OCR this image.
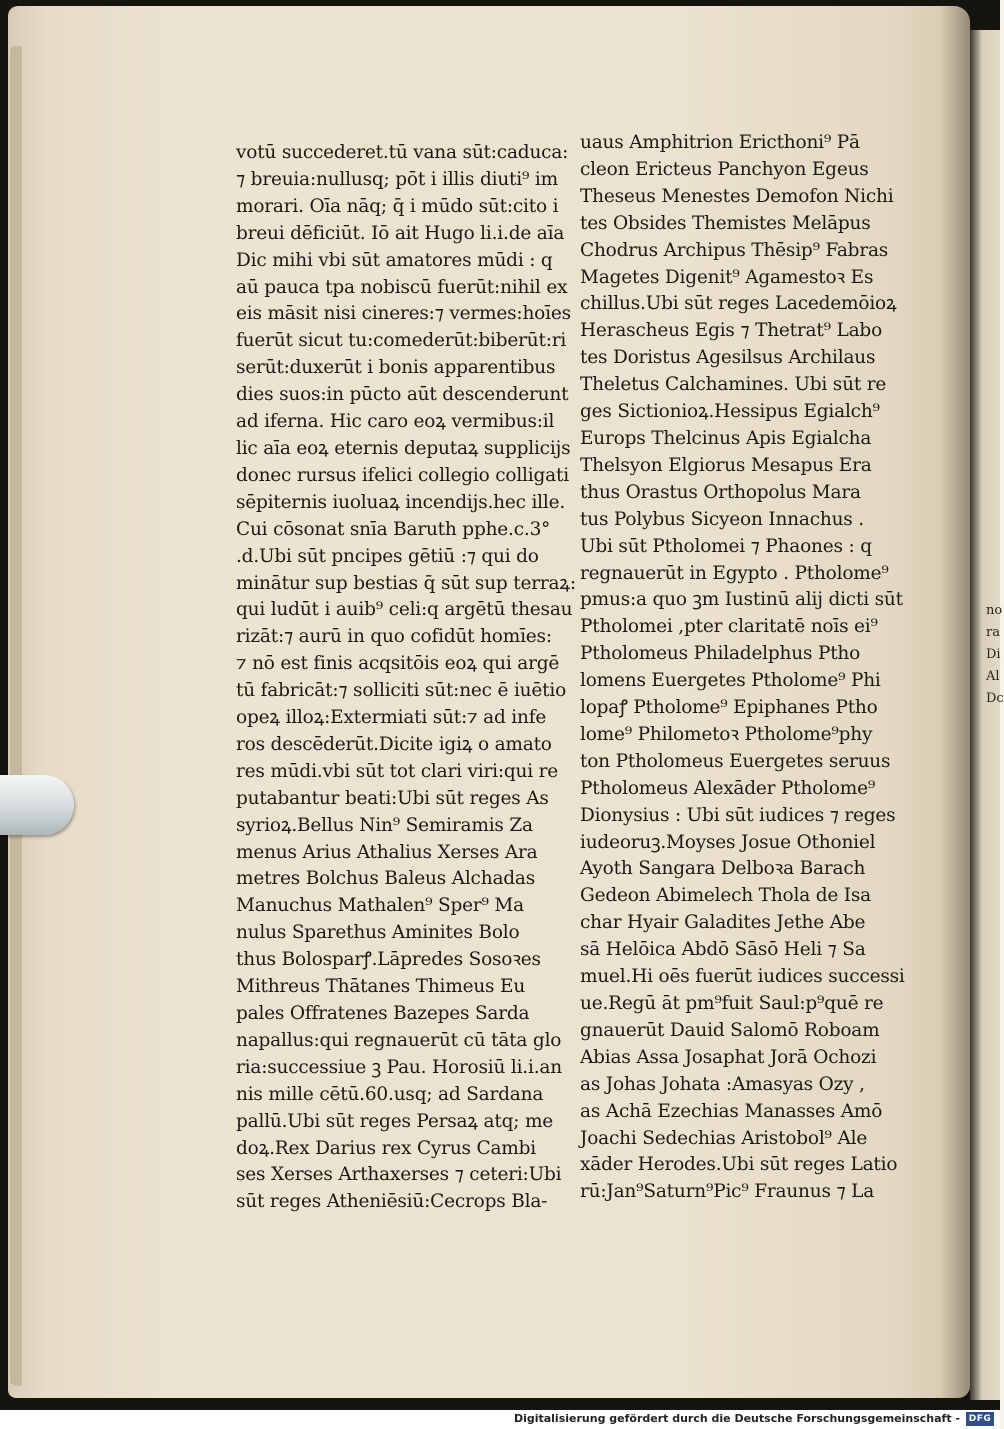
no
ra
Di
Al
Dc
votū succederet.tū vana sūt:caduca:
⁊ breuia:nullusq; pōt i illis diuti⁹ im
morari. Oīa nāq; q̄ i mūdo sūt:cito i
breui dēficiūt. Iō ait Hugo li.i.de aīa
Dic mihi vbi sūt amatores mūdi : q
aū pauca tpa nobiscū fuerūt:nihil ex
eis māsit nisi cineres:⁊ vermes:hoīes
fuerūt sicut tu:comederūt:biberūt:ri
serūt:duxerūt i bonis apparentibus
dies suos:in pūcto aūt descenderunt
ad iferna. Hic caro eoꝝ vermibus:il
lic aīa eoꝝ eternis deputaꝝ supplicijs
donec rursus ifelici collegio colligati
sēpiternis iuoluaꝝ incendijs.hec ille.
Cui cōsonat snīa Baruth pphe.c.3°
.d.Ubi sūt pncipes gētiū :⁊ qui do
minātur sup bestias q̄ sūt sup terraꝝ:
qui ludūt i auib⁹ celi:q argētū thesau
rizāt:⁊ aurū in quo cofidūt homīes:
⁊ nō est finis acqsitōis eoꝝ qui argē
tū fabricāt:⁊ solliciti sūt:nec ē iuētio
opeꝝ illoꝝ:Extermiati sūt:⁊ ad infe
ros descēderūt.Dicite igiꝝ o amato
res mūdi.vbi sūt tot clari viri:qui re
putabantur beati:Ubi sūt reges As
syrioꝝ.Bellus Nin⁹ Semiramis Za
menus Arius Athalius Xerses Ara
metres Bolchus Baleus Alchadas
Manuchus Mathalen⁹ Sper⁹ Ma
nulus Sparethus Aminites Bolo
thus Bolosparꝭ.Lāpredes Sosoꝛes
Mithreus Thātanes Thimeus Eu
pales Offratenes Bazepes Sarda
napallus:qui regnauerūt cū tāta glo
ria:successiue ꝫ Pau. Horosiū li.i.an
nis mille cētū.60.usq; ad Sardana
pallū.Ubi sūt reges Persaꝝ atq; me
doꝝ.Rex Darius rex Cyrus Cambi
ses Xerses Arthaxerses ⁊ ceteri:Ubi
sūt reges Atheniēsiū:Cecrops Bla-
uaus Amphitrion Ericthoni⁹ Pā
cleon Ericteus Panchyon Egeus
Theseus Menestes Demofon Nichi
tes Obsides Themistes Melāpus
Chodrus Archipus Thēsip⁹ Fabras
Magetes Digenit⁹ Agamestoꝛ Es
chillus.Ubi sūt reges Lacedemōioꝝ
Herascheus Egis ⁊ Thetrat⁹ Labo
tes Doristus Agesilsus Archilaus
Theletus Calchamines. Ubi sūt re
ges Sictionioꝝ.Hessipus Egialch⁹
Europs Thelcinus Apis Egialcha
Thelsyon Elgiorus Mesapus Era
thus Orastus Orthopolus Mara
tus Polybus Sicyeon Innachus .
Ubi sūt Ptholomei ⁊ Phaones : q
regnauerūt in Egypto . Ptholome⁹
pmus:a quo ꝫm Iustinū alij dicti sūt
Ptholomei ,pter claritatē noīs ei⁹
Ptholomeus Philadelphus Ptho
lomens Euergetes Ptholome⁹ Phi
lopaꝭ Ptholome⁹ Epiphanes Ptho
lome⁹ Philometoꝛ Ptholome⁹phy
ton Ptholomeus Euergetes seruus
Ptholomeus Alexāder Ptholome⁹
Dionysius : Ubi sūt iudices ⁊ reges
iudeoruꝫ.Moyses Josue Othoniel
Ayoth Sangara Delboꝛa Barach
Gedeon Abimelech Thola de Isa
char Hyair Galadites Jethe Abe
sā Helōica Abdō Sāsō Heli ⁊ Sa
muel.Hi oēs fuerūt iudices successi
ue.Regū āt pm⁹fuit Saul:p⁹quē re
gnauerūt Dauid Salomō Roboam
Abias Assa Josaphat Jorā Ochozi
as Johas Johata :Amasyas Ozy ,
as Achā Ezechias Manasses Amō
Joachi Sedechias Aristobol⁹ Ale
xāder Herodes.Ubi sūt reges Latio
rū:Jan⁹Saturn⁹Pic⁹ Fraunus ⁊ La
Digitalisierung gefördert durch die Deutsche Forschungsgemeinschaft - DFG
